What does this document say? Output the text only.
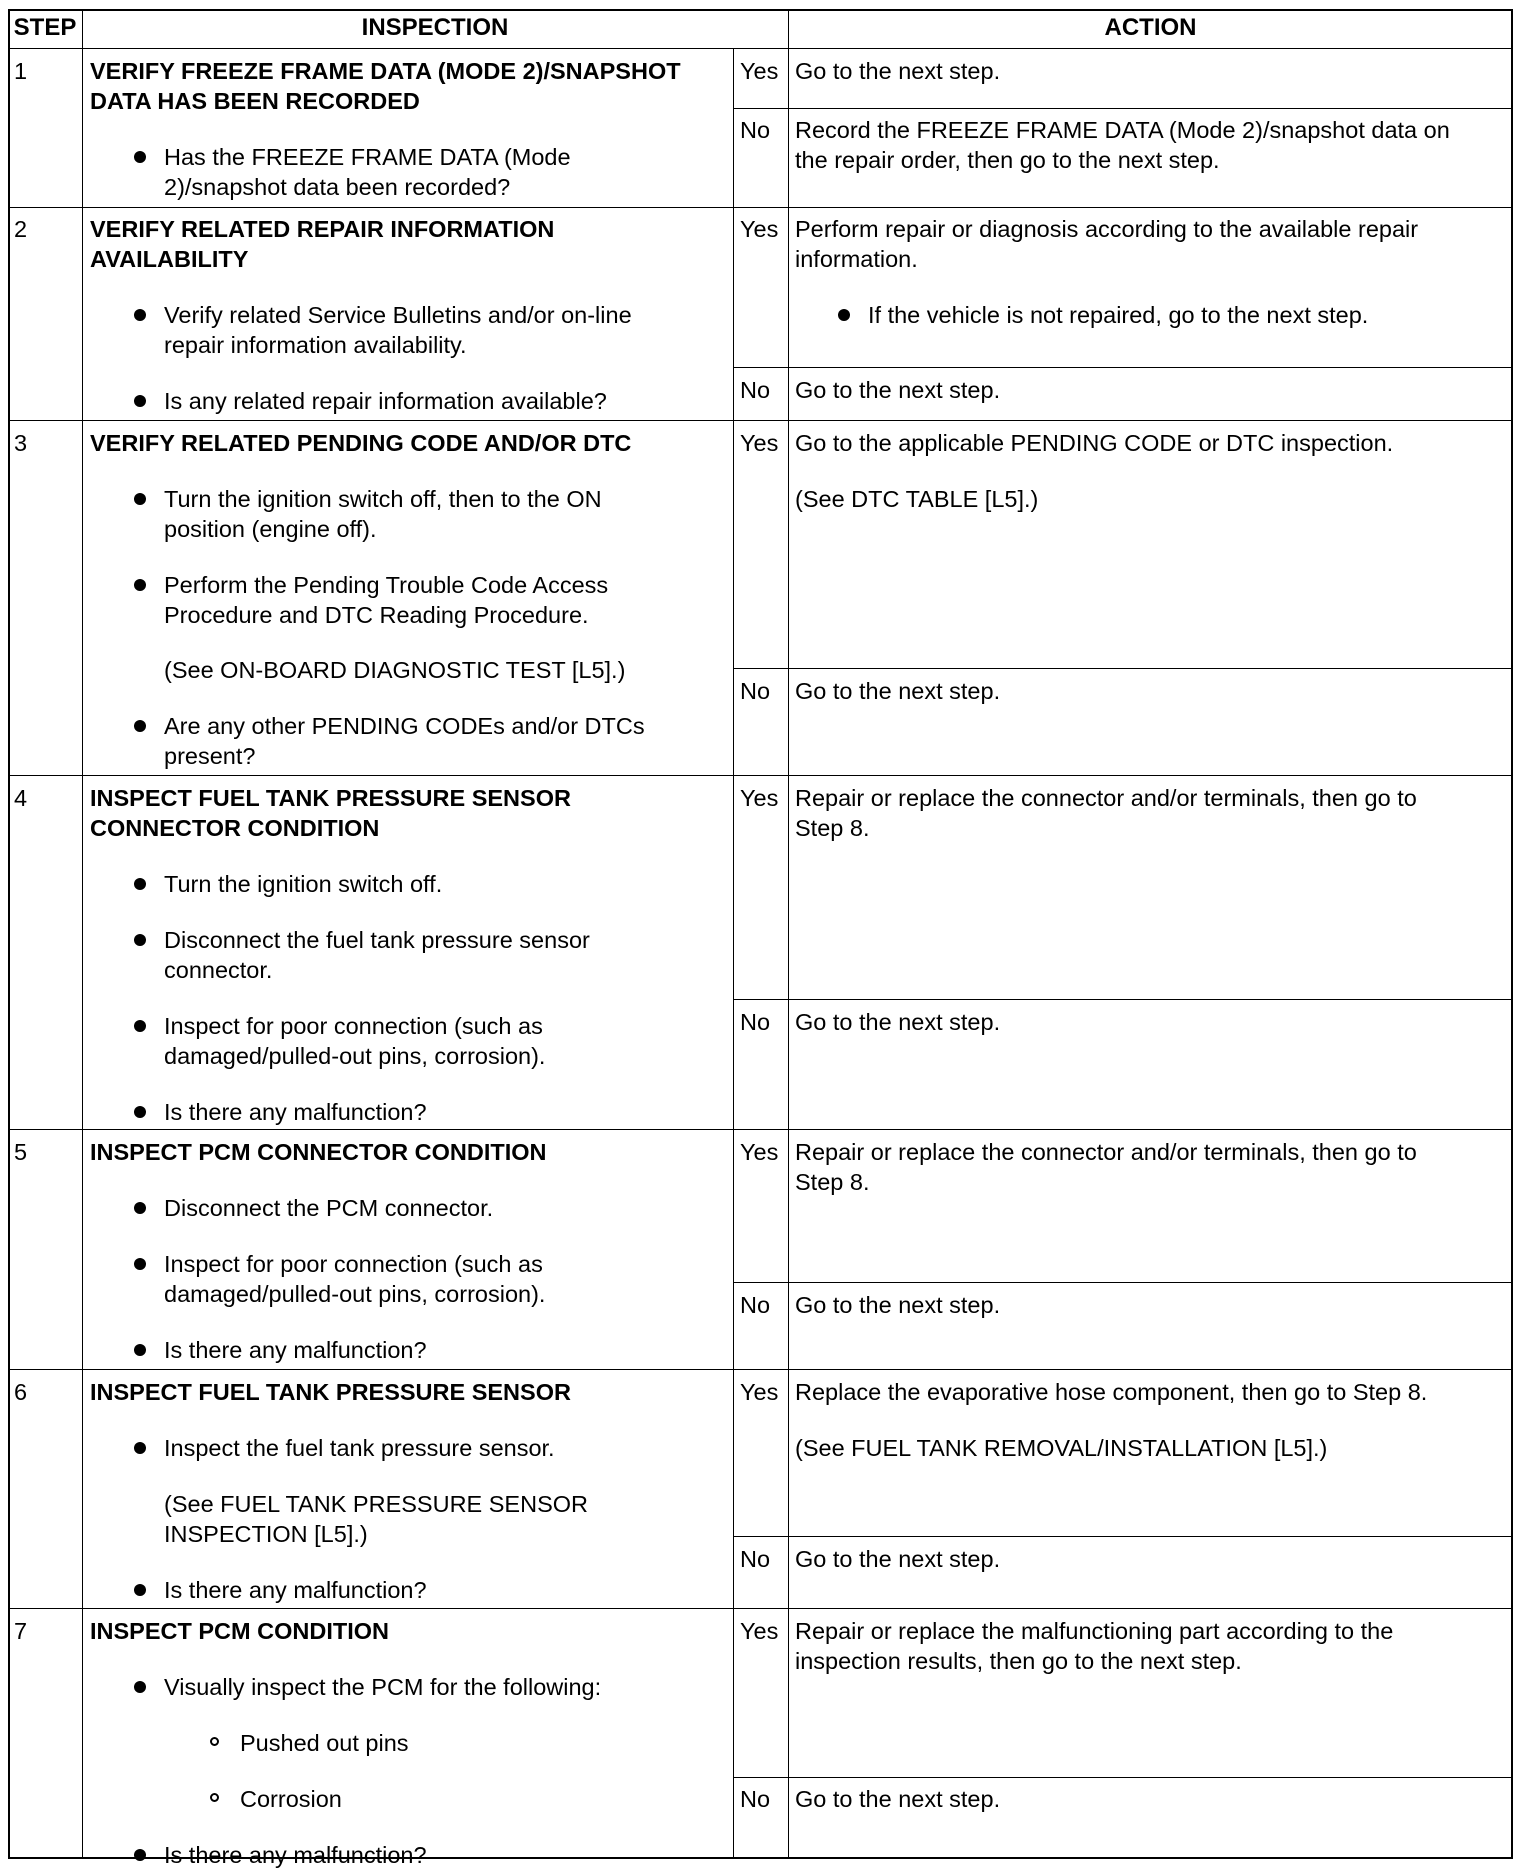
STEP	INSPECTION	ACTION
1	VERIFY FREEZE FRAME DATA (MODE 2)/SNAPSHOT
DATA HAS BEEN RECORDED
Has the FREEZE FRAME DATA (Mode
2)/snapshot data been recorded?
Yes Go to the next step.
No Record the FREEZE FRAME DATA (Mode 2)/snapshot data on
the repair order, then go to the next step.
2	VERIFY RELATED REPAIR INFORMATION
AVAILABILITY
Verify related Service Bulletins and/or on-line
repair information availability.
Is any related repair information available?
Yes Perform repair or diagnosis according to the available repair
information.
If the vehicle is not repaired, go to the next step.
No Go to the next step.
3	VERIFY RELATED PENDING CODE AND/OR DTC
Turn the ignition switch off, then to the ON
position (engine off).
Perform the Pending Trouble Code Access
Procedure and DTC Reading Procedure.
(See ON-BOARD DIAGNOSTIC TEST [L5].)
Are any other PENDING CODEs and/or DTCs
present?
Yes Go to the applicable PENDING CODE or DTC inspection.
(See DTC TABLE [L5].)
No Go to the next step.
4	INSPECT FUEL TANK PRESSURE SENSOR
CONNECTOR CONDITION
Turn the ignition switch off.
Disconnect the fuel tank pressure sensor
connector.
Inspect for poor connection (such as
damaged/pulled-out pins, corrosion).
Is there any malfunction?
Yes Repair or replace the connector and/or terminals, then go to
Step 8.
No Go to the next step.
5	INSPECT PCM CONNECTOR CONDITION
Disconnect the PCM connector.
Inspect for poor connection (such as
damaged/pulled-out pins, corrosion).
Is there any malfunction?
Yes Repair or replace the connector and/or terminals, then go to
Step 8.
No Go to the next step.
6	INSPECT FUEL TANK PRESSURE SENSOR
Inspect the fuel tank pressure sensor.
(See FUEL TANK PRESSURE SENSOR
INSPECTION [L5].)
Is there any malfunction?
Yes Replace the evaporative hose component, then go to Step 8.
(See FUEL TANK REMOVAL/INSTALLATION [L5].)
No Go to the next step.
7	INSPECT PCM CONDITION
Visually inspect the PCM for the following:
Pushed out pins
Corrosion
Is there any malfunction?
Yes Repair or replace the malfunctioning part according to the
inspection results, then go to the next step.
No Go to the next step.
